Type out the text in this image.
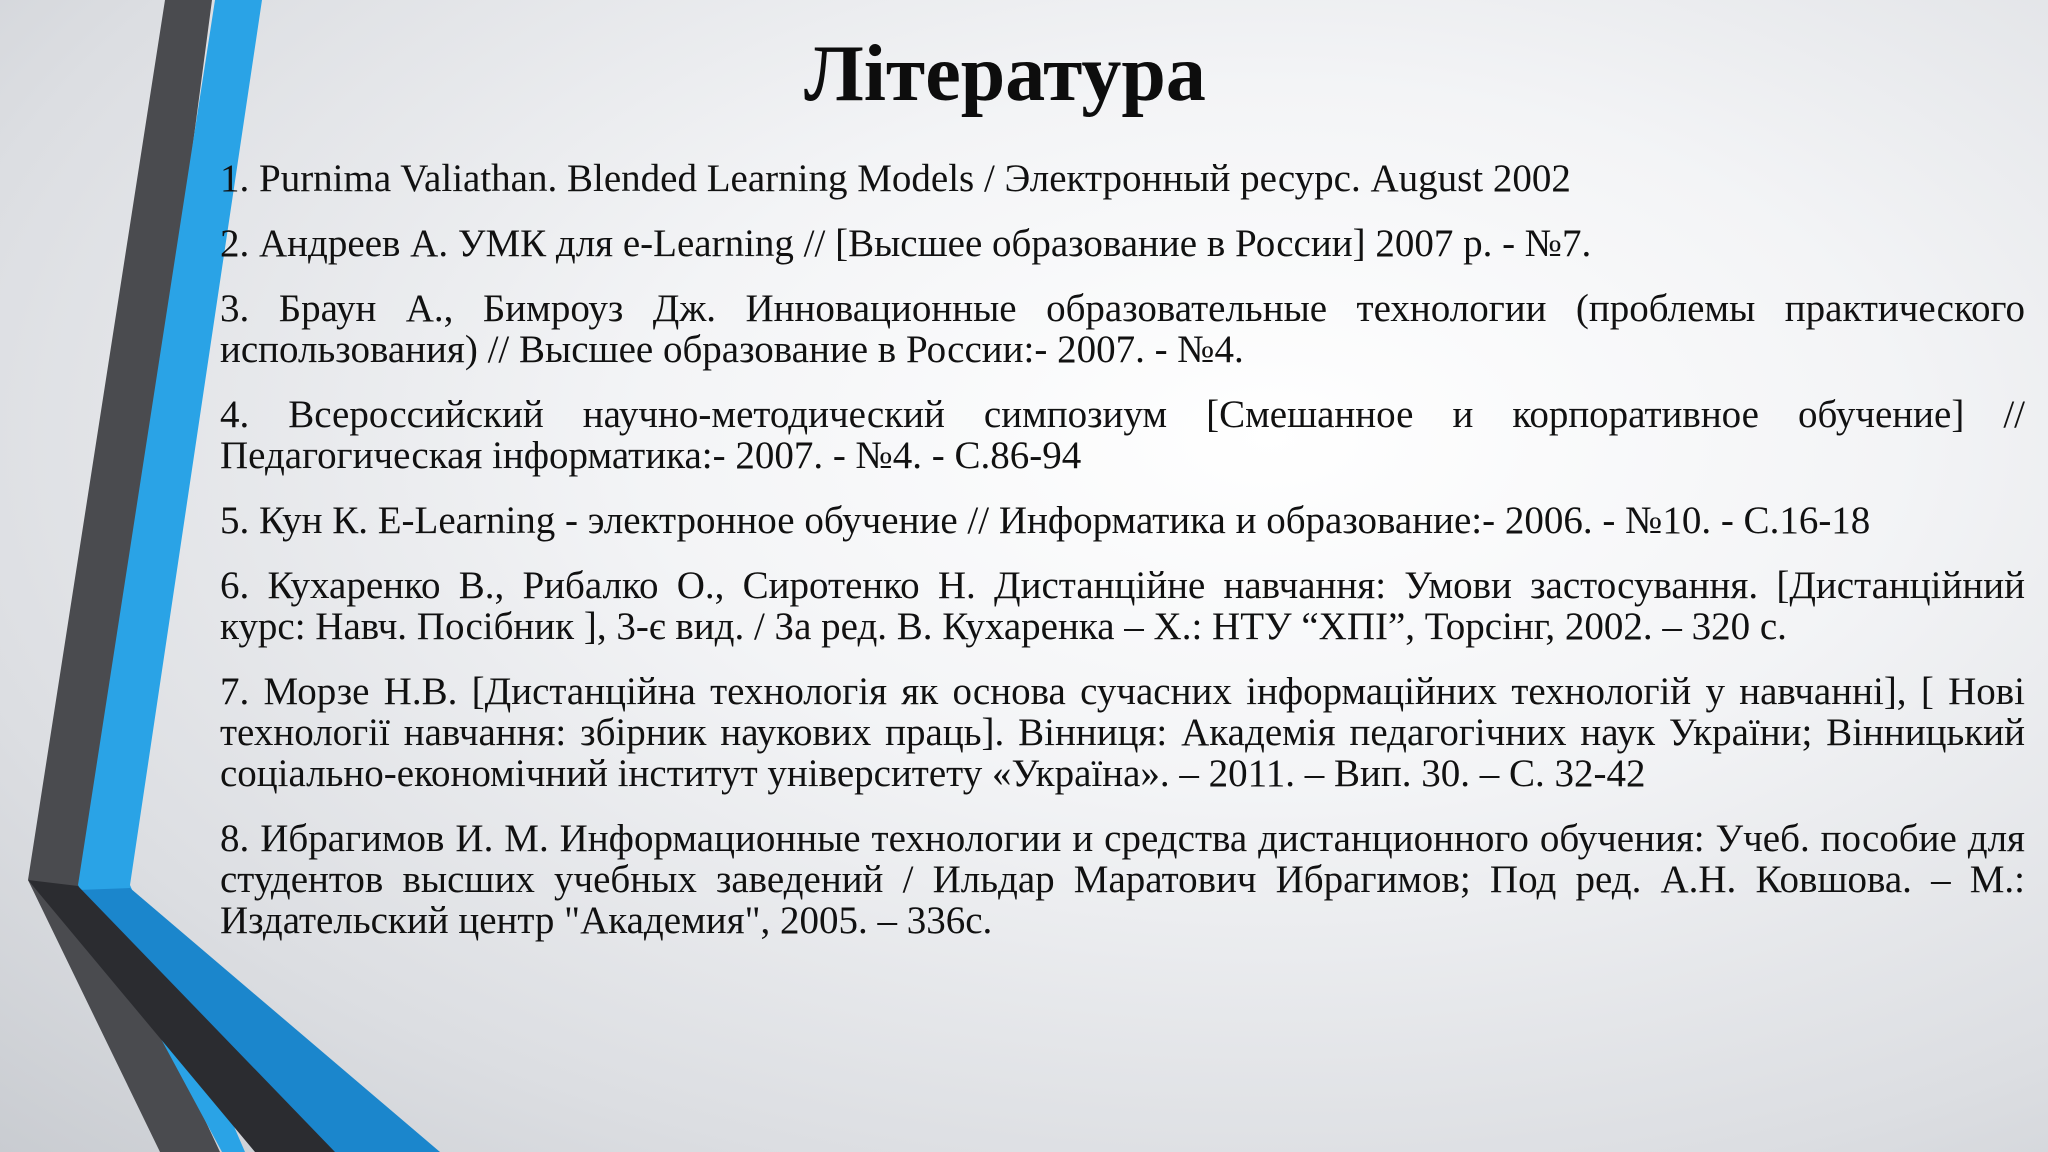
Література
1. Purnima Valiathan. Blended Learning Models / Электронный ресурс. August 2002
2. Андреев А. УМК для e-Learning // [Высшее образование в России] 2007 р. - №7.
3. Браун А., Бимроуз Дж. Инновационные образовательные технологии (проблемы практического использования) // Высшее образование в России:- 2007. - №4.
4. Всероссийский научно-методический симпозиум [Смешанное и корпоративное обучение] // Педагогическая інформатика:- 2007. - №4. - С.86-94
5. Кун К. E-Learning - электронное обучение // Информатика и образование:- 2006. - №10. - С.16-18
6. Кухаренко В., Рибалко О., Сиротенко Н. Дистанційне навчання: Умови застосування. [Дистанційний курс: Навч. Посібник ], 3-є вид. / За ред. В. Кухаренка – Х.: НТУ “ХПІ”, Торсінг, 2002. – 320 с.
7. Морзе Н.В. [Дистанційна технологія як основа сучасних інформаційних технологій у навчанні], [ Нові технології навчання: збірник наукових праць]. Вінниця: Академія педагогічних наук України; Вінницький соціально-економічний інститут університету «Україна». – 2011. – Вип. 30. – С. 32-42
8. Ибрагимов И. М. Информационные технологии и средства дистанционного обучения: Учеб. пособие для студентов высших учебных заведений / Ильдар Маратович Ибрагимов; Под ред. А.Н. Ковшова. – М.: Издательский центр "Академия", 2005. – 336с.
